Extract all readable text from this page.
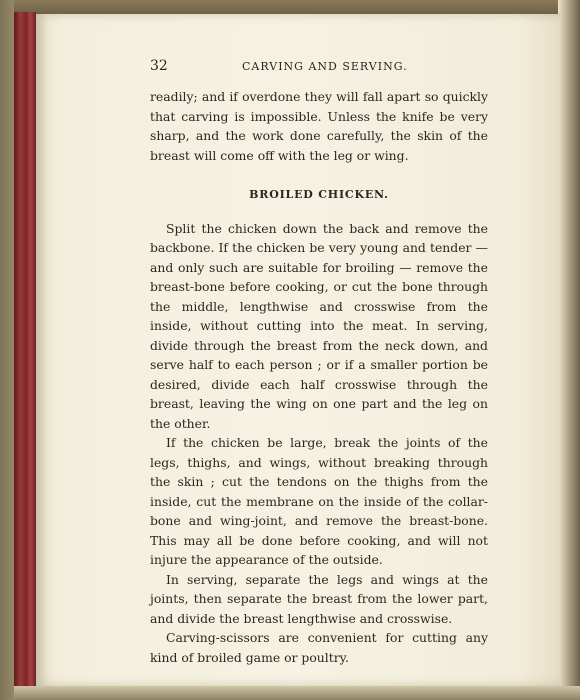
32	CARVING AND SERVING.

readily; and if overdone they will fall apart so quickly that carving is impossible. Unless the knife be very sharp, and the work done carefully, the skin of the breast will come off with the leg or wing.

BROILED CHICKEN.

Split the chicken down the back and remove the backbone. If the chicken be very young and tender — and only such are suitable for broiling — remove the breast-bone before cooking, or cut the bone through the middle, lengthwise and crosswise from the inside, without cutting into the meat. In serving, divide through the breast from the neck down, and serve half to each person ; or if a smaller portion be desired, divide each half crosswise through the breast, leaving the wing on one part and the leg on the other.

If the chicken be large, break the joints of the legs, thighs, and wings, without breaking through the skin ; cut the tendons on the thighs from the inside, cut the membrane on the inside of the collar-bone and wing-joint, and remove the breast-bone. This may all be done before cooking, and will not injure the appearance of the outside.

In serving, separate the legs and wings at the joints, then separate the breast from the lower part, and divide the breast lengthwise and crosswise.

Carving-scissors are convenient for cutting any kind of broiled game or poultry.
